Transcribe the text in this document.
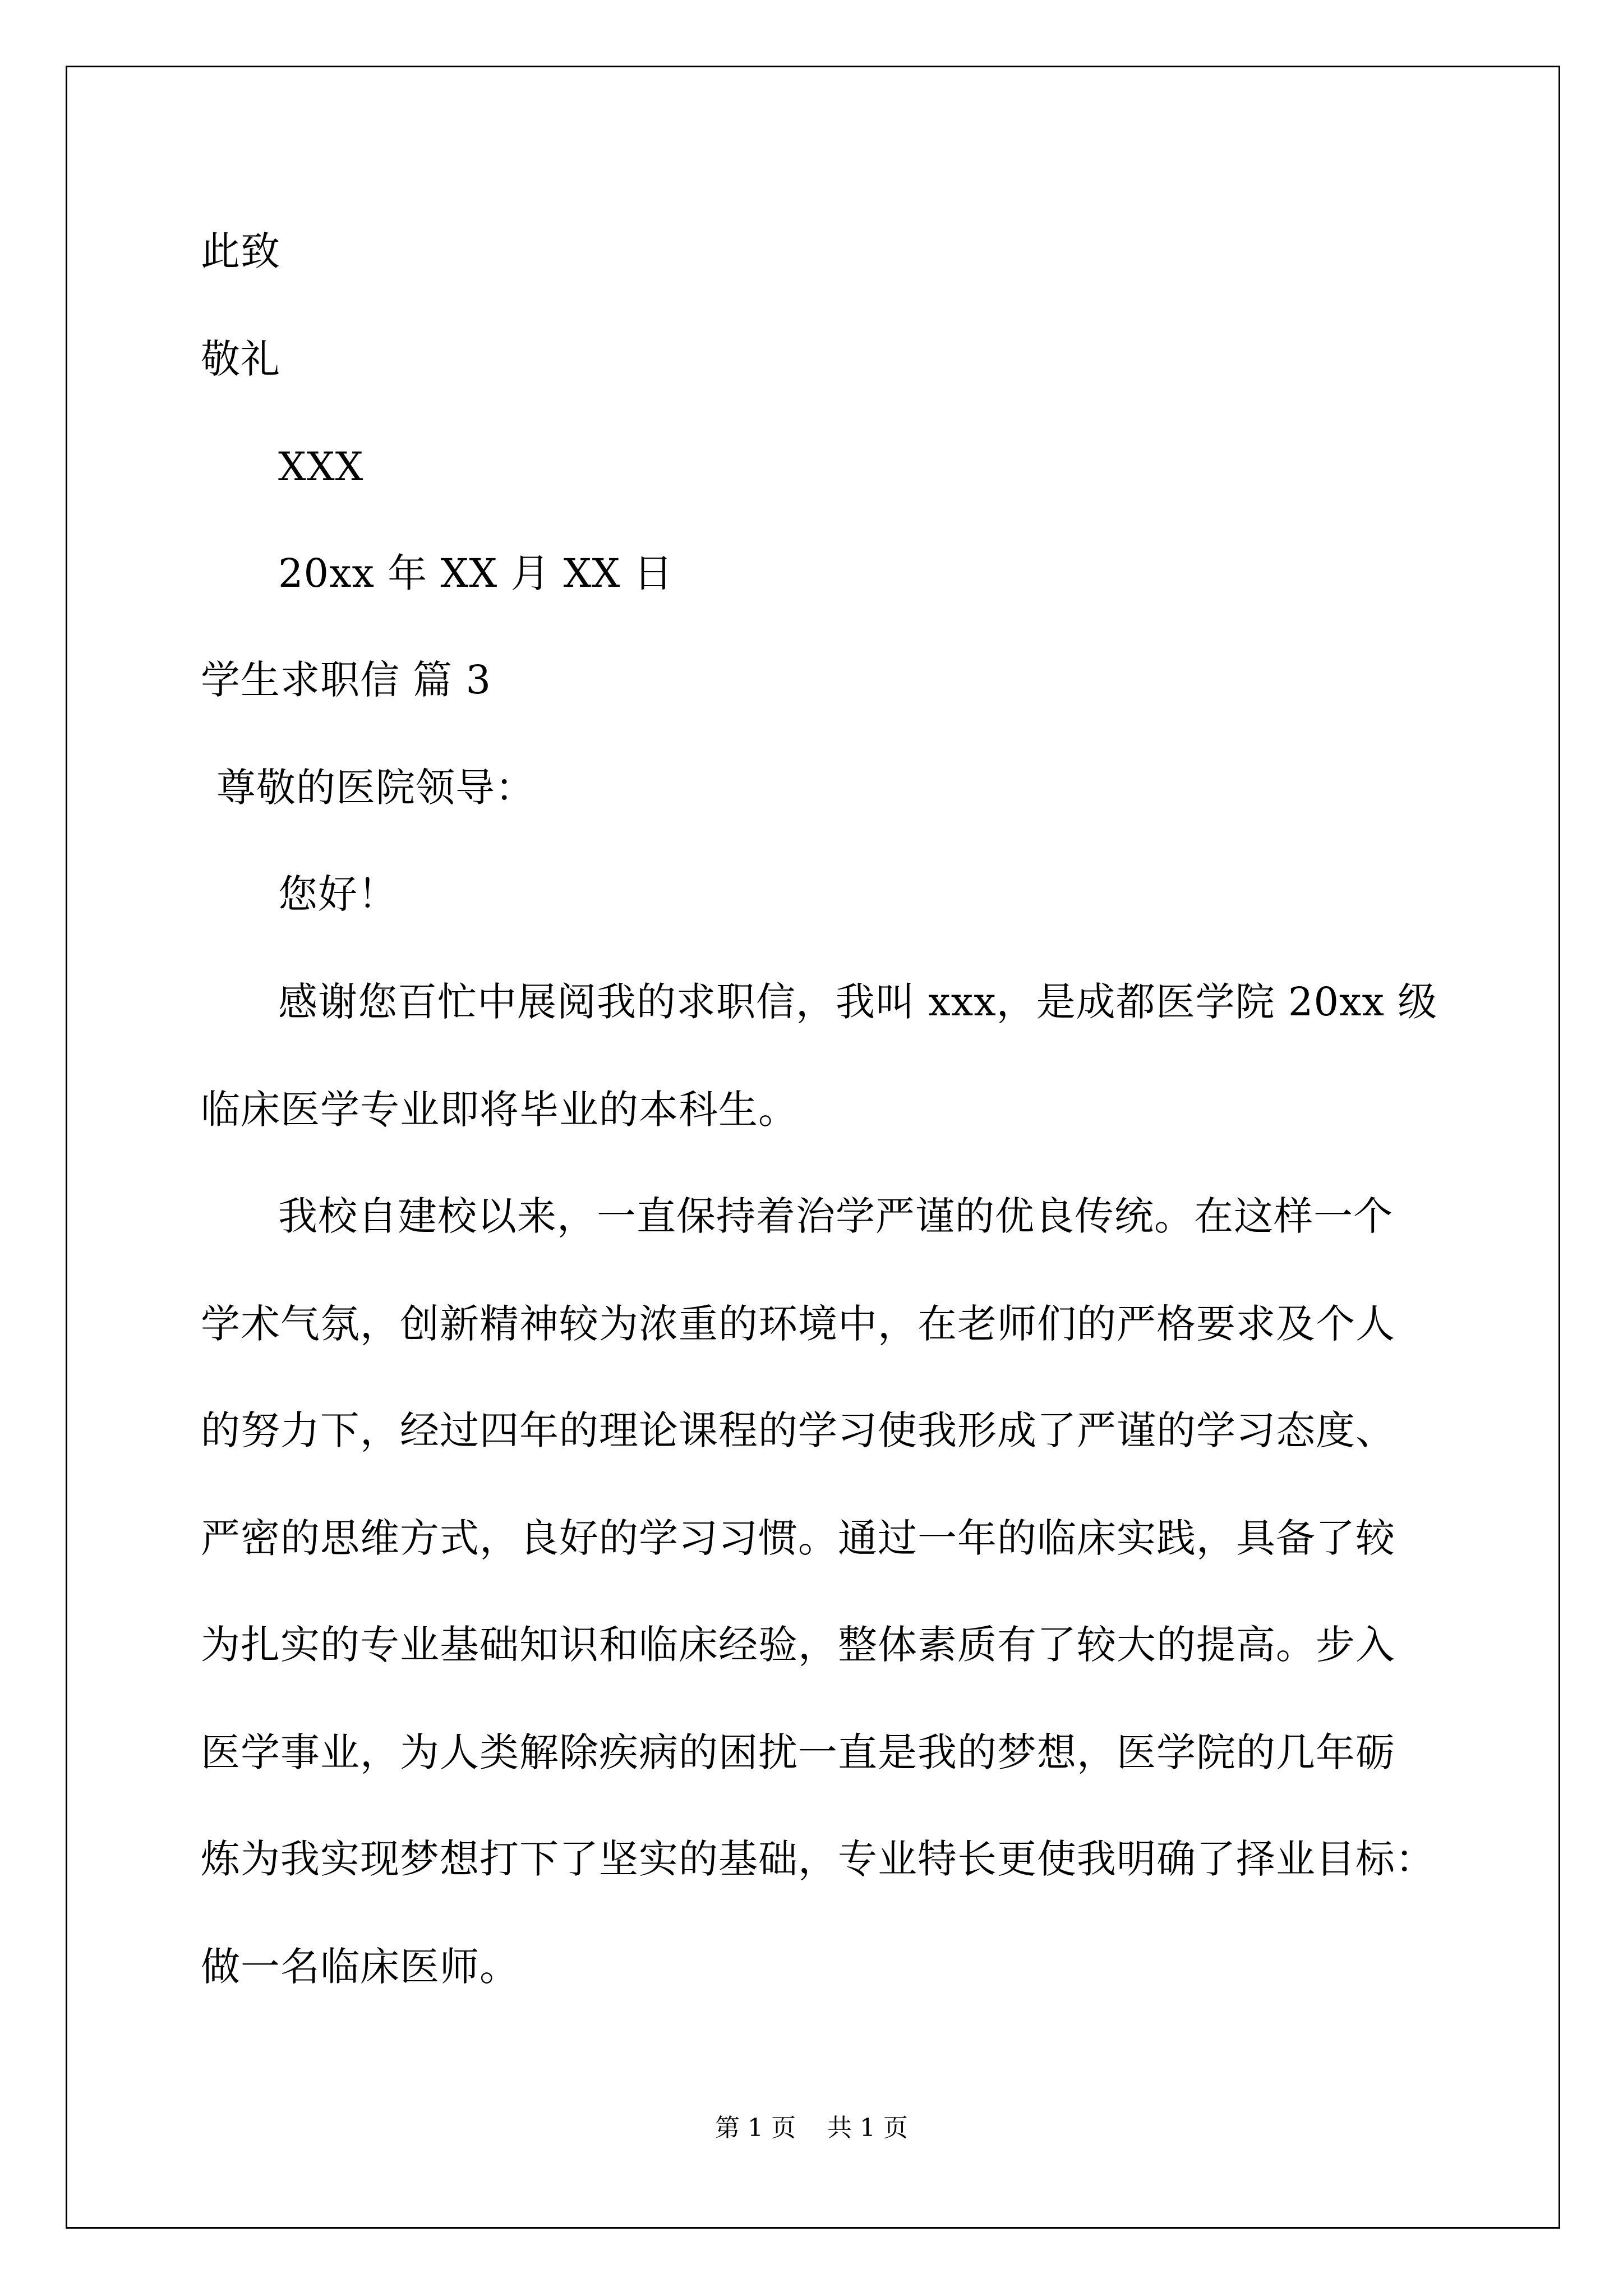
此致
敬礼
XXX
20xx 年 XX 月 XX 日
学生求职信 篇 3
尊敬的医院领导：
您好！
感谢您百忙中展阅我的求职信，我叫 xxx，是成都医学院 20xx 级
临床医学专业即将毕业的本科生。
我校自建校以来，一直保持着治学严谨的优良传统。在这样一个
学术气氛，创新精神较为浓重的环境中，在老师们的严格要求及个人
的努力下，经过四年的理论课程的学习使我形成了严谨的学习态度、
严密的思维方式，良好的学习习惯。通过一年的临床实践，具备了较
为扎实的专业基础知识和临床经验，整体素质有了较大的提高。步入
医学事业，为人类解除疾病的困扰一直是我的梦想，医学院的几年砺
炼为我实现梦想打下了坚实的基础，专业特长更使我明确了择业目标：
做一名临床医师。
第 1 页    共 1 页
